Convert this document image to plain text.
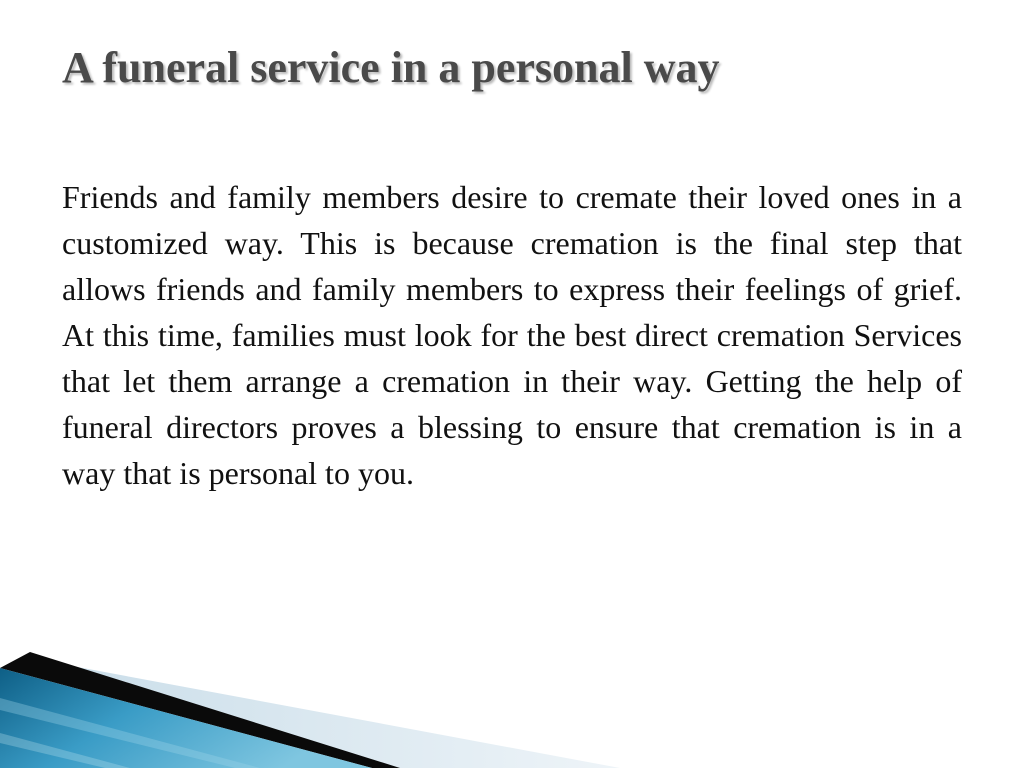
A funeral service in a personal way

Friends and family members desire to cremate their loved ones in a customized way. This is because cremation is the final step that allows friends and family members to express their feelings of grief. At this time, families must look for the best direct cremation Services that let them arrange a cremation in their way. Getting the help of funeral directors proves a blessing to ensure that cremation is in a way that is personal to you.
